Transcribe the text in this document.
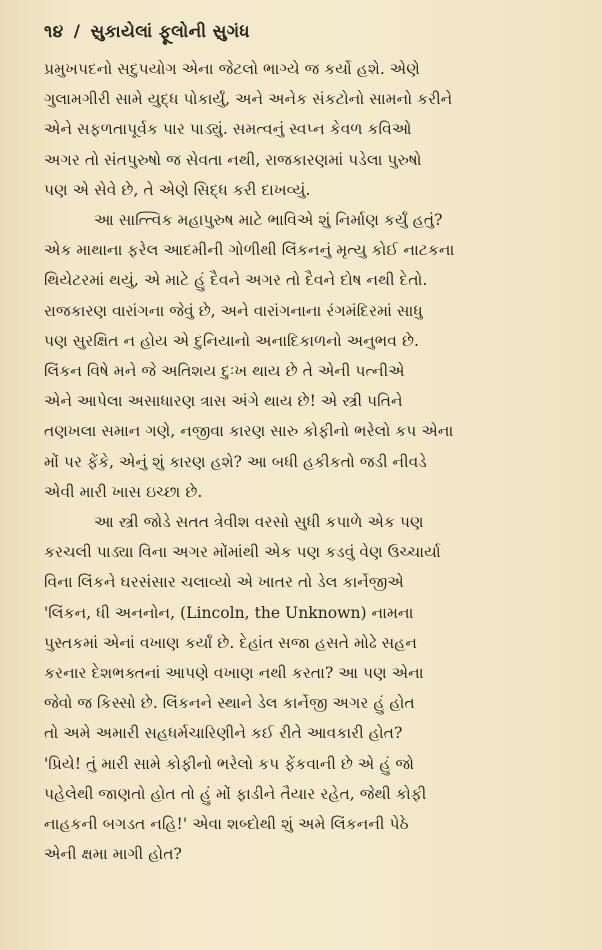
૧૪ / સુકાયેલાં ફૂલોની સુગંધ
પ્રમુખપદનો સદુપયોગ એના જેટલો ભાગ્યે જ કર્યો હશે. એણે
ગુલામગીરી સામે યુદ્ધ પોકાર્યું, અને અનેક સંકટોનો સામનો કરીને
એને સફળતાપૂર્વક પાર પાડ્યું. સમત્વનું સ્વપ્ન કેવળ કવિઓ
અગર તો સંતપુરુષો જ સેવતા નથી, રાજકારણમાં પડેલા પુરુષો
પણ એ સેવે છે, તે એણે સિદ્ધ કરી દાખવ્યું.
આ સાત્ત્વિક મહાપુરુષ માટે ભાવિએ શું નિર્માણ કર્યું હતું?
એક માથાના ફરેલ આદમીની ગોળીથી લિંકનનું મૃત્યુ કોઈ નાટકના
થિયેટરમાં થયું, એ માટે હું દૈવને અગર તો દૈવને દોષ નથી દેતો.
રાજકારણ વારાંગના જેવું છે, અને વારાંગનાના રંગમંદિરમાં સાધુ
પણ સુરક્ષિત ન હોય એ દુનિયાનો અનાદિકાળનો અનુભવ છે.
લિંકન વિષે મને જે અતિશય દુઃખ થાય છે તે એની પત્નીએ
એને આપેલા અસાધારણ ત્રાસ અંગે થાય છે! એ સ્ત્રી પતિને
તણખલા સમાન ગણે, નજીવા કારણ સારુ કોફીનો ભરેલો કપ એના
મોં પર ફેંકે, એનું શું કારણ હશે? આ બધી હકીકતો જડી નીવડે
એવી મારી ખાસ ઇચ્છા છે.
આ સ્ત્રી જોડે સતત ત્રેવીશ વરસો સુધી કપાળે એક પણ
કરચલી પાડ્યા વિના અગર મોંમાંથી એક પણ કડવું વેણ ઉચ્ચાર્યા
વિના લિંકને ઘરસંસાર ચલાવ્યો એ ખાતર તો ડેલ કાર્નેજીએ
'લિંકન, ધી અનનોન, (Lincoln, the Unknown) નામના
પુસ્તકમાં એનાં વખાણ કર્યાં છે. દેહાંત સજા હસતે મોઢે સહન
કરનાર દેશભક્તનાં આપણે વખાણ નથી કરતા? આ પણ એના
જેવો જ કિસ્સો છે. લિંકનને સ્થાને ડેલ કાર્નેજી અગર હું હોત
તો અમે અમારી સહધર્મચારિણીને કઈ રીતે આવકારી હોત?
'પ્રિયે! તું મારી સામે કોફીનો ભરેલો કપ ફેંકવાની છે એ હું જો
પહેલેથી જાણતો હોત તો હું મોં ફાડીને તૈયાર રહેત, જેથી કોફી
નાહકની બગડત નહિ!' એવા શબ્દોથી શું અમે લિંકનની પેઠે
એની ક્ષમા માગી હોત?
